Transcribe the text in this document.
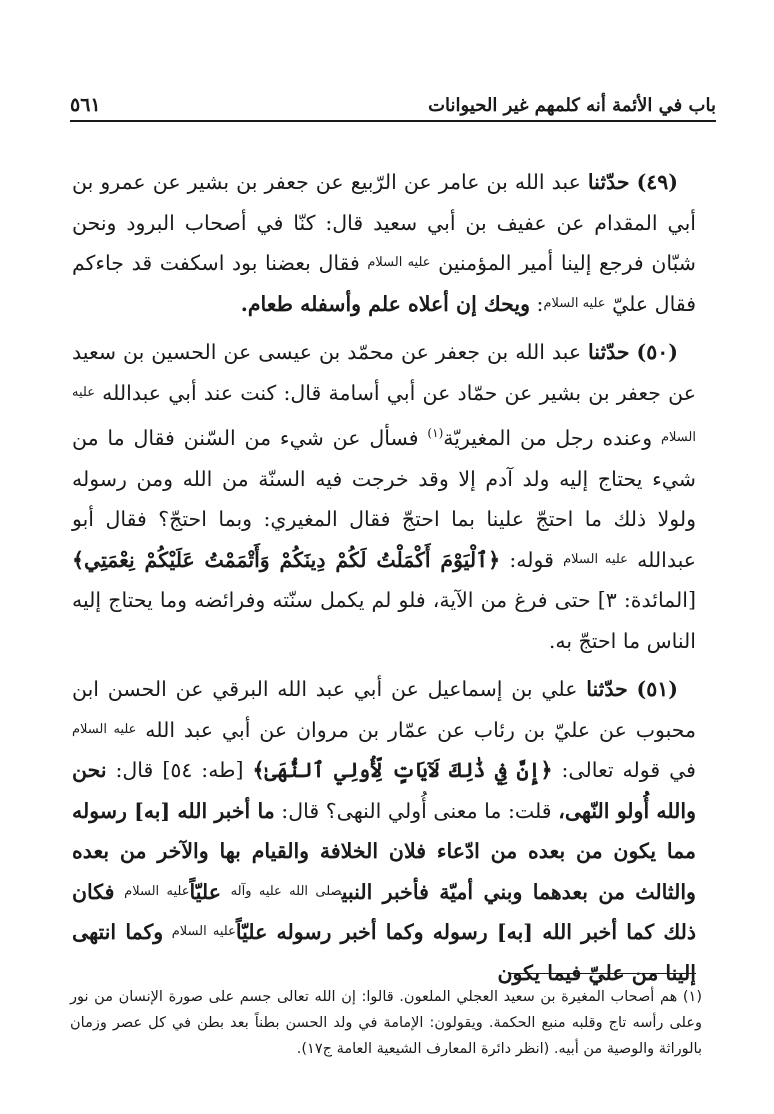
باب في الأئمة أنه كلمهم غير الحيوانات
٥٦١

(٤٩) حدّثنا عبد الله بن عامر عن الرّبيع عن جعفر بن بشير عن عمرو بن أبي المقدام عن عفيف بن أبي سعيد قال: كنّا في أصحاب البرود ونحن شبّان فرجع إلينا أمير المؤمنين عليه السلام فقال بعضنا بود اسكفت قد جاءكم فقال عليّ عليه السلام: ويحك إن أعلاه علم وأسفله طعام.

(٥٠) حدّثنا عبد الله بن جعفر عن محمّد بن عيسى عن الحسين بن سعيد عن جعفر بن بشير عن حمّاد عن أبي أسامة قال: كنت عند أبي عبدالله عليه السلام وعنده رجل من المغيريّة$^{(١)}$ فسأل عن شيء من السّنن فقال ما من شيء يحتاج إليه ولد آدم إلا وقد خرجت فيه السنّة من الله ومن رسوله ولولا ذلك ما احتجّ علينا بما احتجّ فقال المغيري: وبما احتجّ؟ فقال أبو عبدالله عليه السلام قوله: ﴿ٱلْيَوْمَ أَكْمَلْتُ لَكُمْ دِينَكُمْ وَأَتْمَمْتُ عَلَيْكُمْ نِعْمَتِي﴾ [المائدة: ٣] حتى فرغ من الآية، فلو لم يكمل سنّته وفرائضه وما يحتاج إليه الناس ما احتجّ به.

(٥١) حدّثنا علي بن إسماعيل عن أبي عبد الله البرقي عن الحسن ابن محبوب عن عليّ بن رئاب عن عمّار بن مروان عن أبي عبد الله عليه السلام في قوله تعالى: ﴿إِنَّ فِي ذَٰلِكَ لَآيَاتٍ لِّأُولِي ٱلنُّهَىٰ﴾ [طه: ٥٤] قال: نحن والله أُولو النّهى، قلت: ما معنى أُولي النهى؟ قال: ما أخبر الله [به] رسوله مما يكون من بعده من ادّعاء فلان الخلافة والقيام بها والآخر من بعده والثالث من بعدهما وبني أميّة فأخبر النبيصلى الله عليه وآله عليّاًعليه السلام فكان ذلك كما أخبر الله [به] رسوله وكما أخبر رسوله عليّاًعليه السلام وكما انتهى إلينا من عليّ فيما يكون

(١) هم أصحاب المغيرة بن سعيد العجلي الملعون. قالوا: إن الله تعالى جسم على صورة الإنسان من نور وعلى رأسه تاج وقلبه منبع الحكمة. ويقولون: الإمامة في ولد الحسن بطناً بعد بطن في كل عصر وزمان بالوراثة والوصية من أبيه. (انظر دائرة المعارف الشيعية العامة ج١٧).
